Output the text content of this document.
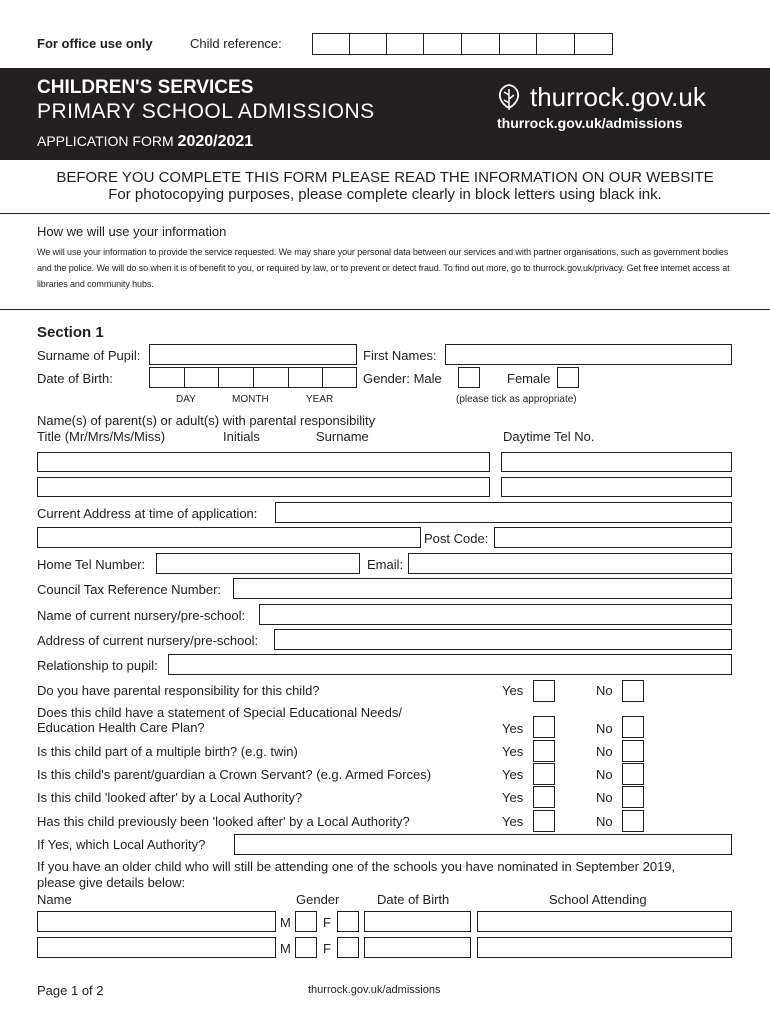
For office use only	Child reference:
CHILDREN'S SERVICES
PRIMARY SCHOOL ADMISSIONS
APPLICATION FORM 2020/2021
thurrock.gov.uk
thurrock.gov.uk/admissions
BEFORE YOU COMPLETE THIS FORM PLEASE READ THE INFORMATION ON OUR WEBSITE
For photocopying purposes, please complete clearly in block letters using black ink.
How we will use your information
We will use your information to provide the service requested. We may share your personal data between our services and with partner organisations, such as government bodies and the police. We will do so when it is of benefit to you, or required by law, or to prevent or detect fraud. To find out more, go to thurrock.gov.uk/privacy. Get free internet access at libraries and community hubs.
Section 1
Surname of Pupil:	First Names:
Date of Birth:	Gender: Male	Female
DAY	MONTH	YEAR	(please tick as appropriate)
Name(s) of parent(s) or adult(s) with parental responsibility
Title (Mr/Mrs/Ms/Miss)	Initials	Surname	Daytime Tel No.
Current Address at time of application:
Post Code:
Home Tel Number:	Email:
Council Tax Reference Number:
Name of current nursery/pre-school:
Address of current nursery/pre-school:
Relationship to pupil:
Do you have parental responsibility for this child?	Yes	No
Does this child have a statement of Special Educational Needs/
Education Health Care Plan?	Yes	No
Is this child part of a multiple birth? (e.g. twin)	Yes	No
Is this child's parent/guardian a Crown Servant? (e.g. Armed Forces)	Yes	No
Is this child 'looked after' by a Local Authority?	Yes	No
Has this child previously been 'looked after' by a Local Authority?	Yes	No
If Yes, which Local Authority?
If you have an older child who will still be attending one of the schools you have nominated in September 2019,
please give details below:
Name	Gender	Date of Birth	School Attending
M F
M F
Page 1 of 2	thurrock.gov.uk/admissions
